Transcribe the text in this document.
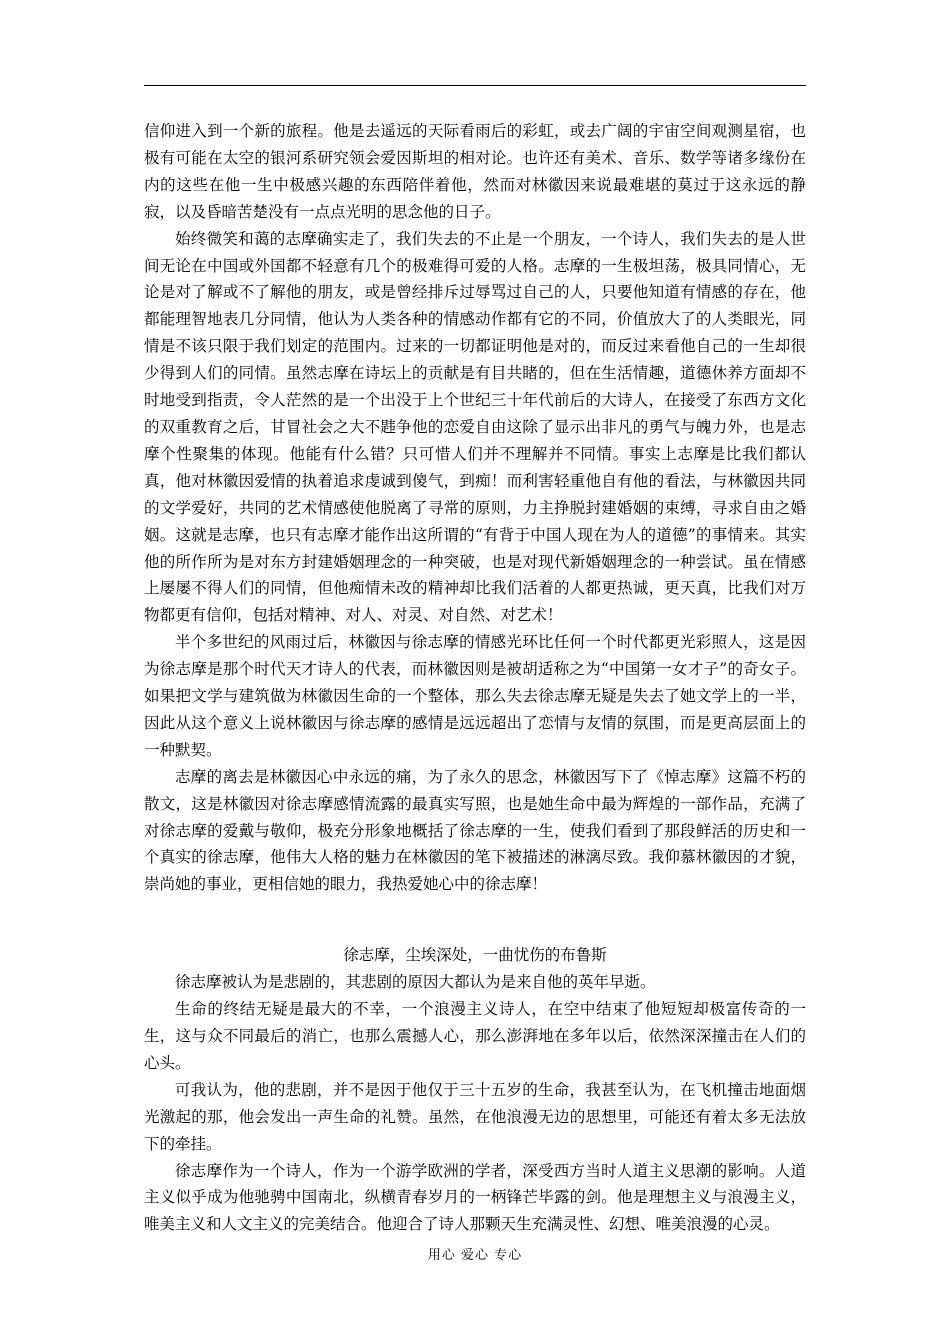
信仰进入到一个新的旅程。他是去遥远的天际看雨后的彩虹，或去广阔的宇宙空间观测星宿，也极有可能在太空的银河系研究领会爱因斯坦的相对论。也许还有美术、音乐、数学等诸多缘份在内的这些在他一生中极感兴趣的东西陪伴着他，然而对林徽因来说最难堪的莫过于这永远的静寂，以及昏暗苦楚没有一点点光明的思念他的日子。

始终微笑和蔼的志摩确实走了，我们失去的不止是一个朋友，一个诗人，我们失去的是人世间无论在中国或外国都不轻意有几个的极难得可爱的人格。志摩的一生极坦荡，极具同情心，无论是对了解或不了解他的朋友，或是曾经排斥过辱骂过自己的人，只要他知道有情感的存在，他都能理智地表几分同情，他认为人类各种的情感动作都有它的不同，价值放大了的人类眼光，同情是不该只限于我们划定的范围内。过来的一切都证明他是对的，而反过来看他自己的一生却很少得到人们的同情。虽然志摩在诗坛上的贡献是有目共睹的，但在生活情趣，道德休养方面却不时地受到指责，令人茫然的是一个出没于上个世纪三十年代前后的大诗人，在接受了东西方文化的双重教育之后，甘冒社会之大不韪争他的恋爱自由这除了显示出非凡的勇气与魄力外，也是志摩个性聚集的体现。他能有什么错？只可惜人们并不理解并不同情。事实上志摩是比我们都认真，他对林徽因爱情的执着追求虔诚到傻气，到痴！而利害轻重他自有他的看法，与林徽因共同的文学爱好，共同的艺术情感使他脱离了寻常的原则，力主挣脱封建婚姻的束缚，寻求自由之婚姻。这就是志摩，也只有志摩才能作出这所谓的“有背于中国人现在为人的道德”的事情来。其实他的所作所为是对东方封建婚姻理念的一种突破，也是对现代新婚姻理念的一种尝试。虽在情感上屡屡不得人们的同情，但他痴情未改的精神却比我们活着的人都更热诚，更天真，比我们对万物都更有信仰，包括对精神、对人、对灵、对自然、对艺术！

半个多世纪的风雨过后，林徽因与徐志摩的情感光环比任何一个时代都更光彩照人，这是因为徐志摩是那个时代天才诗人的代表，而林徽因则是被胡适称之为“中国第一女才子”的奇女子。如果把文学与建筑做为林徽因生命的一个整体，那么失去徐志摩无疑是失去了她文学上的一半，因此从这个意义上说林徽因与徐志摩的感情是远远超出了恋情与友情的氛围，而是更高层面上的一种默契。

志摩的离去是林徽因心中永远的痛，为了永久的思念，林徽因写下了《悼志摩》这篇不朽的散文，这是林徽因对徐志摩感情流露的最真实写照，也是她生命中最为辉煌的一部作品，充满了对徐志摩的爱戴与敬仰，极充分形象地概括了徐志摩的一生，使我们看到了那段鲜活的历史和一个真实的徐志摩，他伟大人格的魅力在林徽因的笔下被描述的淋漓尽致。我仰慕林徽因的才貌，崇尚她的事业，更相信她的眼力，我热爱她心中的徐志摩！

徐志摩，尘埃深处，一曲忧伤的布鲁斯

徐志摩被认为是悲剧的，其悲剧的原因大都认为是来自他的英年早逝。

生命的终结无疑是最大的不幸，一个浪漫主义诗人，在空中结束了他短短却极富传奇的一生，这与众不同最后的消亡，也那么震撼人心，那么澎湃地在多年以后，依然深深撞击在人们的心头。

可我认为，他的悲剧，并不是因于他仅于三十五岁的生命，我甚至认为，在飞机撞击地面烟光激起的那，他会发出一声生命的礼赞。虽然，在他浪漫无边的思想里，可能还有着太多无法放下的牵挂。

徐志摩作为一个诗人，作为一个游学欧洲的学者，深受西方当时人道主义思潮的影响。人道主义似乎成为他驰骋中国南北，纵横青春岁月的一柄锋芒毕露的剑。他是理想主义与浪漫主义，唯美主义和人文主义的完美结合。他迎合了诗人那颗天生充满灵性、幻想、唯美浪漫的心灵。

用心 爱心 专心
